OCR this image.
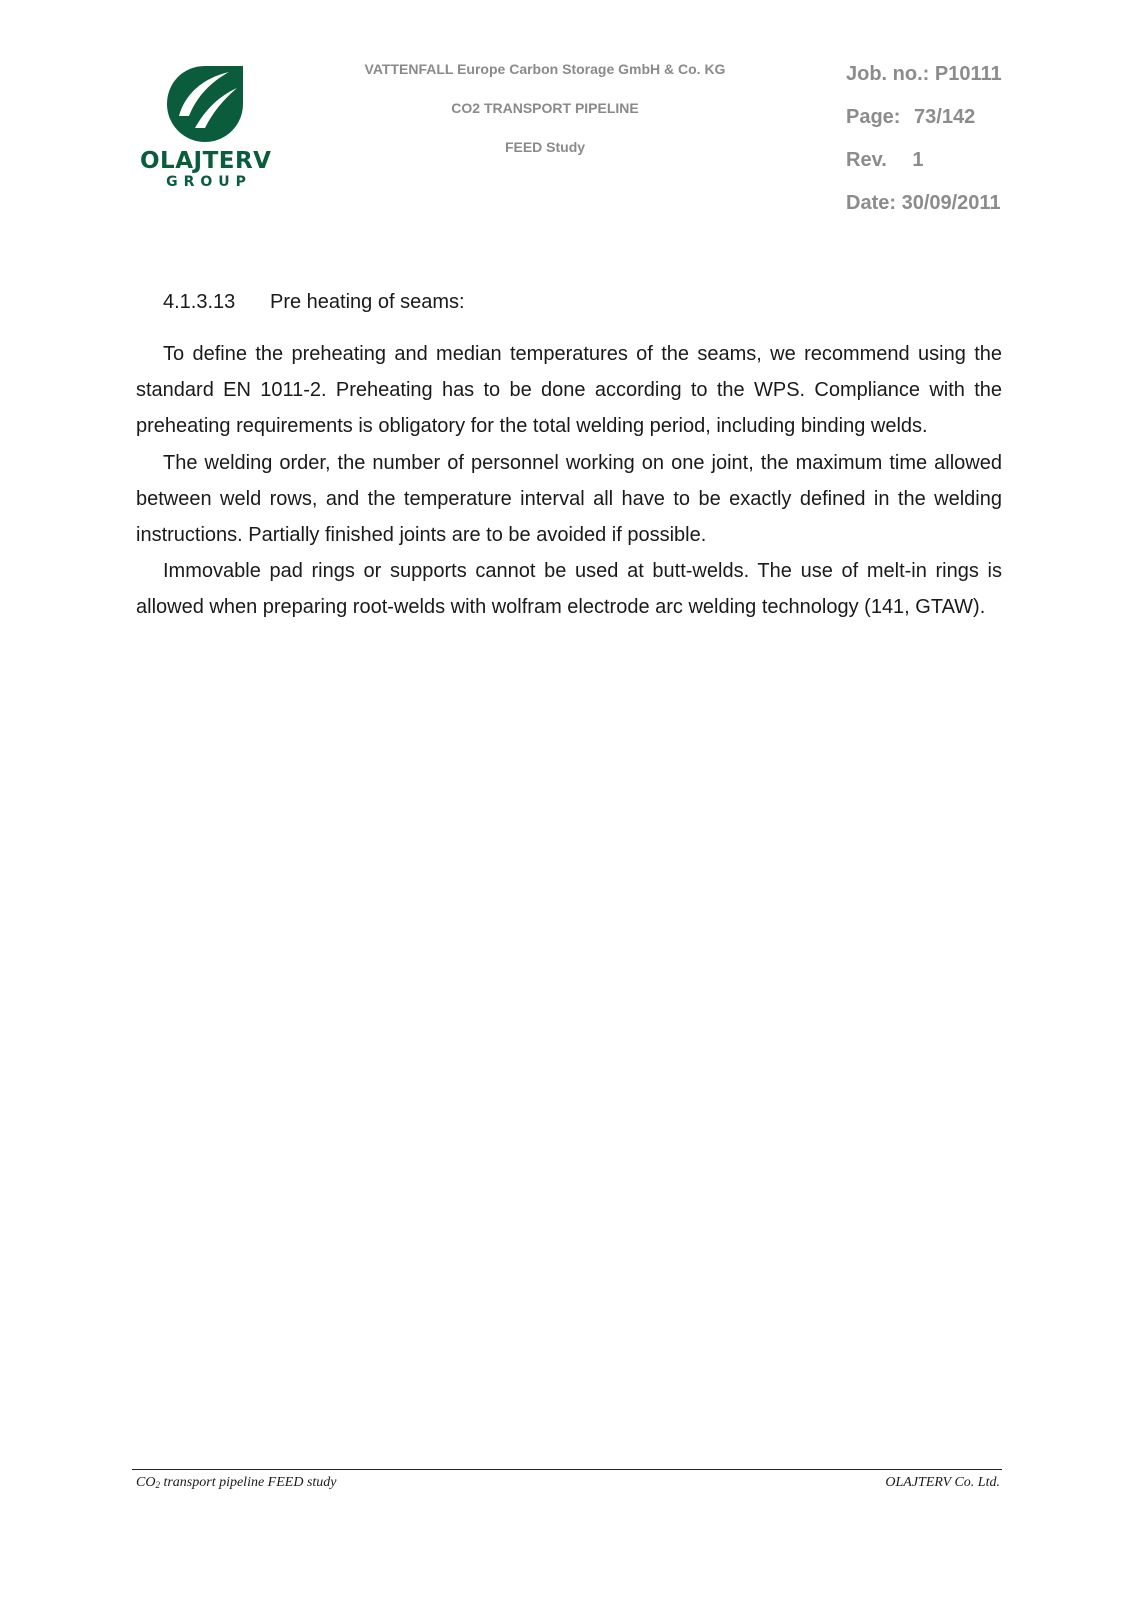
OLAJTERV
GROUP
VATTENFALL Europe Carbon Storage GmbH & Co. KG
CO2 TRANSPORT PIPELINE
FEED Study
Job. no.: P10111
Page: 73/142
Rev. 1
Date: 30/09/2011
4.1.3.13 Pre heating of seams:

To define the preheating and median temperatures of the seams, we recommend using the standard EN 1011-2. Preheating has to be done according to the WPS. Compliance with the preheating requirements is obligatory for the total welding period, including binding welds.

The welding order, the number of personnel working on one joint, the maximum time allowed between weld rows, and the temperature interval all have to be exactly defined in the welding instructions. Partially finished joints are to be avoided if possible.

Immovable pad rings or supports cannot be used at butt-welds. The use of melt-in rings is allowed when preparing root-welds with wolfram electrode arc welding technology (141, GTAW).

$CO_2$ transport pipeline FEED study	OLAJTERV Co. Ltd.
